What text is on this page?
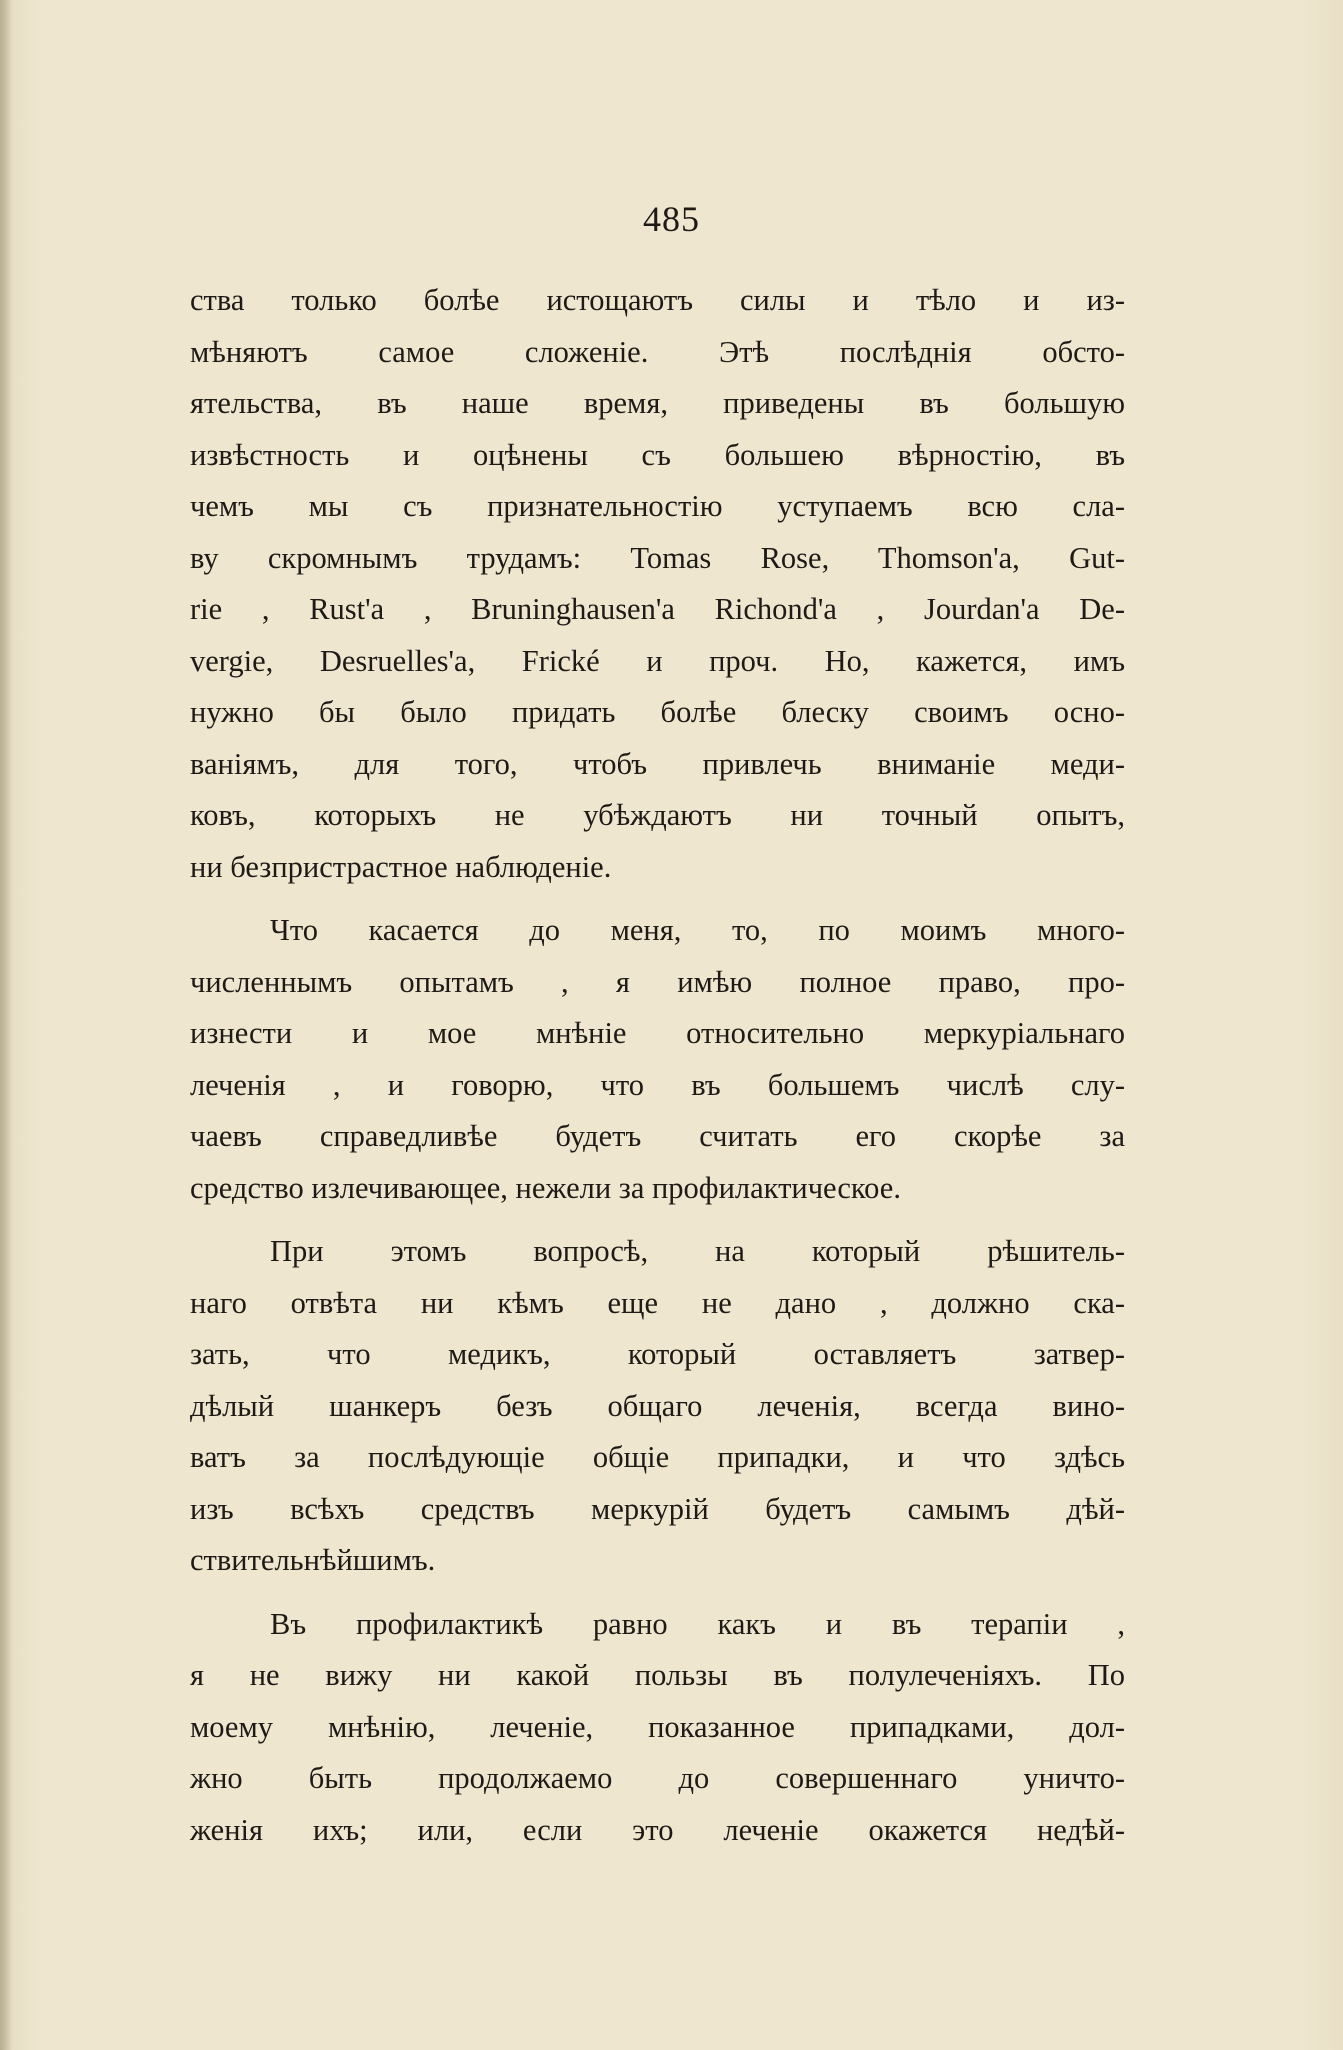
485
ства только болѣе истощаютъ силы и тѣло и из-
мѣняютъ самое сложеніе. Этѣ послѣднія обсто-
ятельства, въ наше время, приведены въ большую
извѣстность и оцѣнены съ большею вѣрностію, въ
чемъ мы съ признательностію уступаемъ всю сла-
ву скромнымъ трудамъ: Tomas Rose, Thomson'a, Gut-
rie , Rust'a , Bruninghausen'a Richond'a , Jourdan'a De-
vergie, Desruelles'a, Frické и проч. Но, кажется, имъ
нужно бы было придать болѣе блеску своимъ осно-
ваніямъ, для того, чтобъ привлечь вниманіе меди-
ковъ, которыхъ не убѣждаютъ ни точный опытъ,
ни безпристрастное наблюденіе.
Что касается до меня, то, по моимъ много-
численнымъ опытамъ , я имѣю полное право, про-
изнести и мое мнѣніе относительно меркуріальнаго
леченія , и говорю, что въ большемъ числѣ слу-
чаевъ справедливѣе будетъ считать его скорѣе за
средство излечивающее, нежели за профилактическое.
При этомъ вопросѣ, на который рѣшитель-
наго отвѣта ни кѣмъ еще не дано , должно ска-
зать, что медикъ, который оставляетъ затвер-
дѣлый шанкеръ безъ общаго леченія, всегда вино-
ватъ за послѣдующіе общіе припадки, и что здѣсь
изъ всѣхъ средствъ меркурій будетъ самымъ дѣй-
ствительнѣйшимъ.
Въ профилактикѣ равно какъ и въ терапіи ,
я не вижу ни какой пользы въ полулеченіяхъ. По
моему мнѣнію, леченіе, показанное припадками, дол-
жно быть продолжаемо до совершеннаго уничто-
женія ихъ; или, если это леченіе окажется недѣй-
